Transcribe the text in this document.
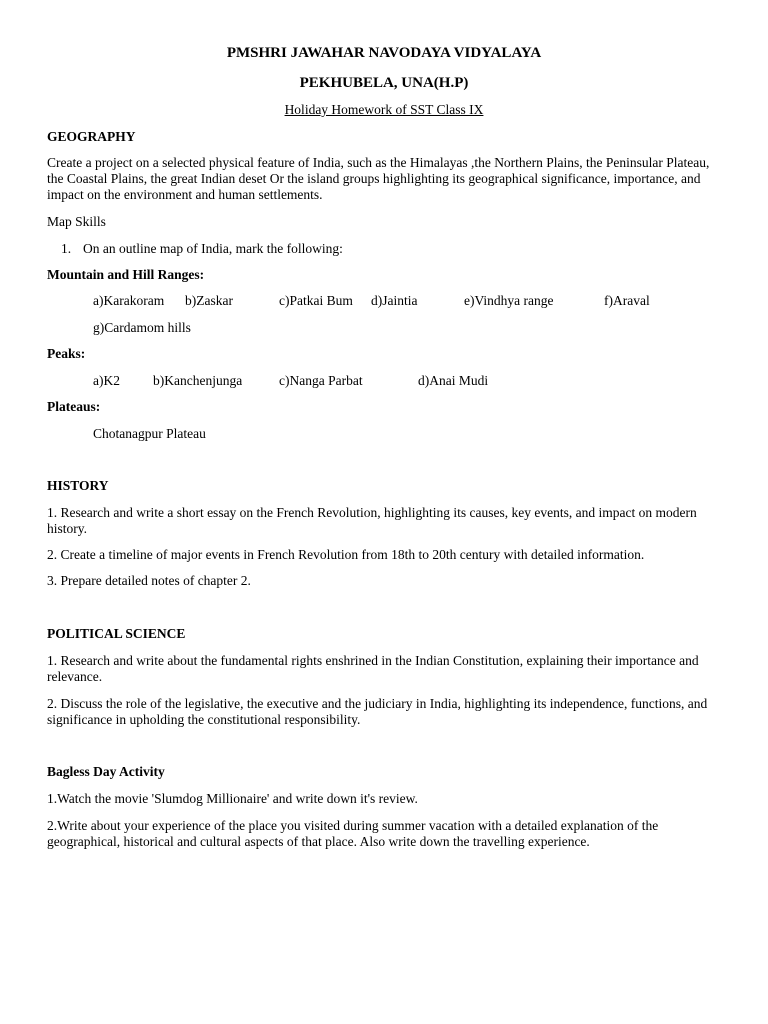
PMSHRI JAWAHAR NAVODAYA VIDYALAYA
PEKHUBELA, UNA(H.P)
Holiday Homework of SST Class IX
GEOGRAPHY
Create a project on a selected physical feature of India, such as the Himalayas ,the Northern Plains, the Peninsular Plateau, the Coastal Plains, the great Indian deset Or the island groups highlighting its geographical significance, importance, and impact on the environment and human settlements.
Map Skills
1. On an outline map of India, mark the following:
Mountain and Hill Ranges:
a)Karakoram b)Zaskar	c)Patkai Bum d)Jaintia	e)Vindhya range	f)Araval
g)Cardamom hills
Peaks:
a)K2 b)Kanchenjunga	c)Nanga Parbat	d)Anai Mudi
Plateaus:
Chotanagpur Plateau
HISTORY
1. Research and write a short essay on the French Revolution, highlighting its causes, key events, and impact on modern history.
2. Create a timeline of major events in French Revolution from 18th to 20th century with detailed information.
3. Prepare detailed notes of chapter 2.
POLITICAL SCIENCE
1. Research and write about the fundamental rights enshrined in the Indian Constitution, explaining their importance and relevance.
2. Discuss the role of the legislative, the executive and the judiciary in India, highlighting its independence, functions, and significance in upholding the constitutional responsibility.
Bagless Day Activity
1.Watch the movie 'Slumdog Millionaire' and write down it's review.
2.Write about your experience of the place you visited during summer vacation with a detailed explanation of the geographical, historical and cultural aspects of that place. Also write down the travelling experience.
